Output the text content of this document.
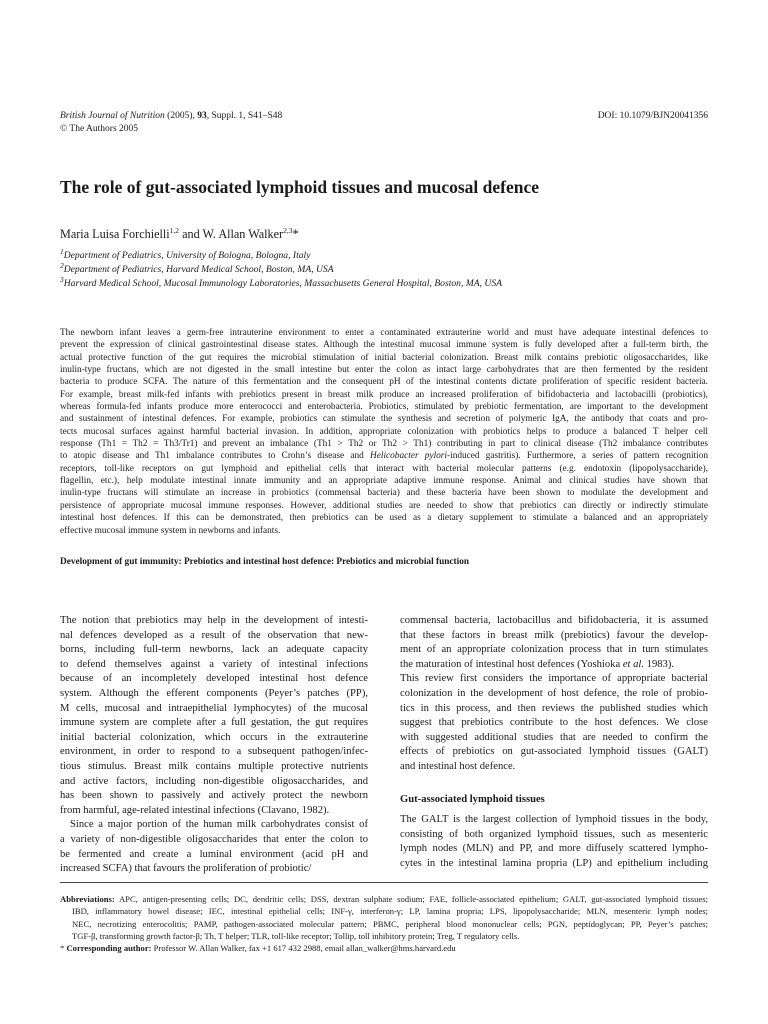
British Journal of Nutrition (2005), 93, Suppl. 1, S41–S48
© The Authors 2005
DOI: 10.1079/BJN20041356
The role of gut-associated lymphoid tissues and mucosal defence
Maria Luisa Forchielli$^{1,2}$ and W. Allan Walker$^{2,3}$*
$^1$Department of Pediatrics, University of Bologna, Bologna, Italy
$^2$Department of Pediatrics, Harvard Medical School, Boston, MA, USA
$^3$Harvard Medical School, Mucosal Immunology Laboratories, Massachusetts General Hospital, Boston, MA, USA
The newborn infant leaves a germ-free intrauterine environment to enter a contaminated extrauterine world and must have adequate intestinal defences to
prevent the expression of clinical gastrointestinal disease states. Although the intestinal mucosal immune system is fully developed after a full-term birth, the
actual protective function of the gut requires the microbial stimulation of initial bacterial colonization. Breast milk contains prebiotic oligosaccharides, like
inulin-type fructans, which are not digested in the small intestine but enter the colon as intact large carbohydrates that are then fermented by the resident
bacteria to produce SCFA. The nature of this fermentation and the consequent pH of the intestinal contents dictate proliferation of specific resident bacteria.
For example, breast milk-fed infants with prebiotics present in breast milk produce an increased proliferation of bifidobacteria and lactobacilli (probiotics),
whereas formula-fed infants produce more enterococci and enterobacteria. Probiotics, stimulated by prebiotic fermentation, are important to the development
and sustainment of intestinal defences. For example, probiotics can stimulate the synthesis and secretion of polymeric IgA, the antibody that coats and pro-
tects mucosal surfaces against harmful bacterial invasion. In addition, appropriate colonization with probiotics helps to produce a balanced T helper cell
response (Th1 = Th2 = Th3/Tr1) and prevent an imbalance (Th1 > Th2 or Th2 > Th1) contributing in part to clinical disease (Th2 imbalance contributes
to atopic disease and Th1 imbalance contributes to Crohn’s disease and Helicobacter pylori-induced gastritis). Furthermore, a series of pattern recognition
receptors, toll-like receptors on gut lymphoid and epithelial cells that interact with bacterial molecular patterns (e.g. endotoxin (lipopolysaccharide),
flagellin, etc.), help modulate intestinal innate immunity and an appropriate adaptive immune response. Animal and clinical studies have shown that
inulin-type fructans will stimulate an increase in probiotics (commensal bacteria) and these bacteria have been shown to modulate the development and
persistence of appropriate mucosal immune responses. However, additional studies are needed to show that prebiotics can directly or indirectly stimulate
intestinal host defences. If this can be demonstrated, then prebiotics can be used as a dietary supplement to stimulate a balanced and an appropriately
effective mucosal immune system in newborns and infants.
Development of gut immunity: Prebiotics and intestinal host defence: Prebiotics and microbial function
The notion that prebiotics may help in the development of intesti-
nal defences developed as a result of the observation that new-
borns, including full-term newborns, lack an adequate capacity
to defend themselves against a variety of intestinal infections
because of an incompletely developed intestinal host defence
system. Although the efferent components (Peyer’s patches (PP),
M cells, mucosal and intraepithelial lymphocytes) of the mucosal
immune system are complete after a full gestation, the gut requires
initial bacterial colonization, which occurs in the extrauterine
environment, in order to respond to a subsequent pathogen/infec-
tious stimulus. Breast milk contains multiple protective nutrients
and active factors, including non-digestible oligosaccharides, and
has been shown to passively and actively protect the newborn
from harmful, age-related intestinal infections (Clavano, 1982).
Since a major portion of the human milk carbohydrates consist of
a variety of non-digestible oligosaccharides that enter the colon to
be fermented and create a luminal environment (acid pH and
increased SCFA) that favours the proliferation of probiotic/
commensal bacteria, lactobacillus and bifidobacteria, it is assumed
that these factors in breast milk (prebiotics) favour the develop-
ment of an appropriate colonization process that in turn stimulates
the maturation of intestinal host defences (Yoshioka et al. 1983).
This review first considers the importance of appropriate bacterial
colonization in the development of host defence, the role of probio-
tics in this process, and then reviews the published studies which
suggest that prebiotics contribute to the host defences. We close
with suggested additional studies that are needed to confirm the
effects of prebiotics on gut-associated lymphoid tissues (GALT)
and intestinal host defence.
Gut-associated lymphoid tissues
The GALT is the largest collection of lymphoid tissues in the body,
consisting of both organized lymphoid tissues, such as mesenteric
lymph nodes (MLN) and PP, and more diffusely scattered lympho-
cytes in the intestinal lamina propria (LP) and epithelium including
Abbreviations: APC, antigen-presenting cells; DC, dendritic cells; DSS, dextran sulphate sodium; FAE, follicle-associated epithelium; GALT, gut-associated lymphoid tissues;
IBD, inflammatory bowel disease; IEC, intestinal epithelial cells; INF-γ, interferon-γ; LP, lamina propria; LPS, lipopolysaccharide; MLN, mesenteric lymph nodes;
NEC, necrotizing enterocolitis; PAMP, pathogen-associated molecular pattern; PBMC, peripheral blood mononuclear cells; PGN, peptidoglycan; PP, Peyer’s patches;
TGF-β, transforming growth factor-β; Th, T helper; TLR, toll-like receptor; Tollip, toll inhibitory protein; Treg, T regulatory cells.
* Corresponding author: Professor W. Allan Walker, fax +1 617 432 2988, email allan_walker@hms.harvard.edu
